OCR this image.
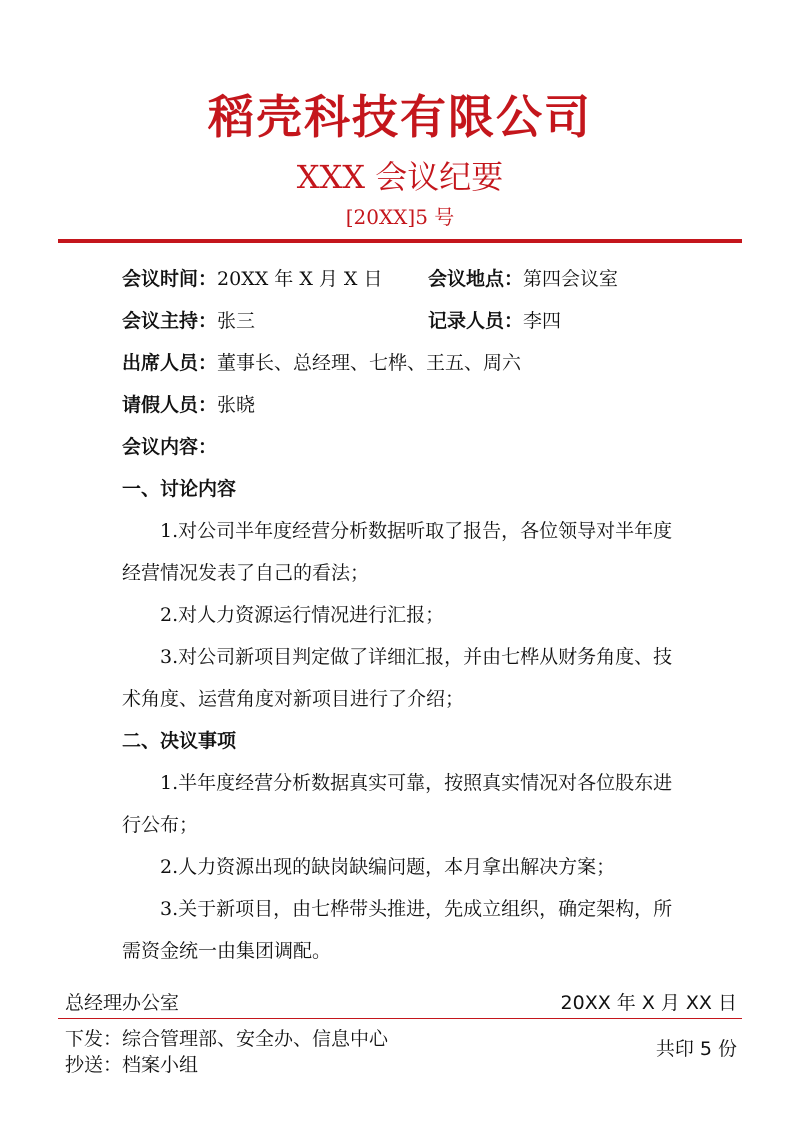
稻壳科技有限公司
XXX 会议纪要
[20XX]5 号
会议时间：20XX 年 X 月 X 日 会议地点：第四会议室
会议主持：张三	记录人员：李四
出席人员：董事长、总经理、七桦、王五、周六
请假人员：张晓
会议内容：
一、讨论内容

1.对公司半年度经营分析数据听取了报告，各位领导对半年度经营情况发表了自己的看法；

2.对人力资源运行情况进行汇报；

3.对公司新项目判定做了详细汇报，并由七桦从财务角度、技术角度、运营角度对新项目进行了介绍；

二、决议事项

1.半年度经营分析数据真实可靠，按照真实情况对各位股东进行公布；

2.人力资源出现的缺岗缺编问题，本月拿出解决方案；

3.关于新项目，由七桦带头推进，先成立组织，确定架构，所需资金统一由集团调配。

总经理办公室	20XX 年 X 月 XX 日
下发：综合管理部、安全办、信息中心
抄送：档案小组
共印 5 份
